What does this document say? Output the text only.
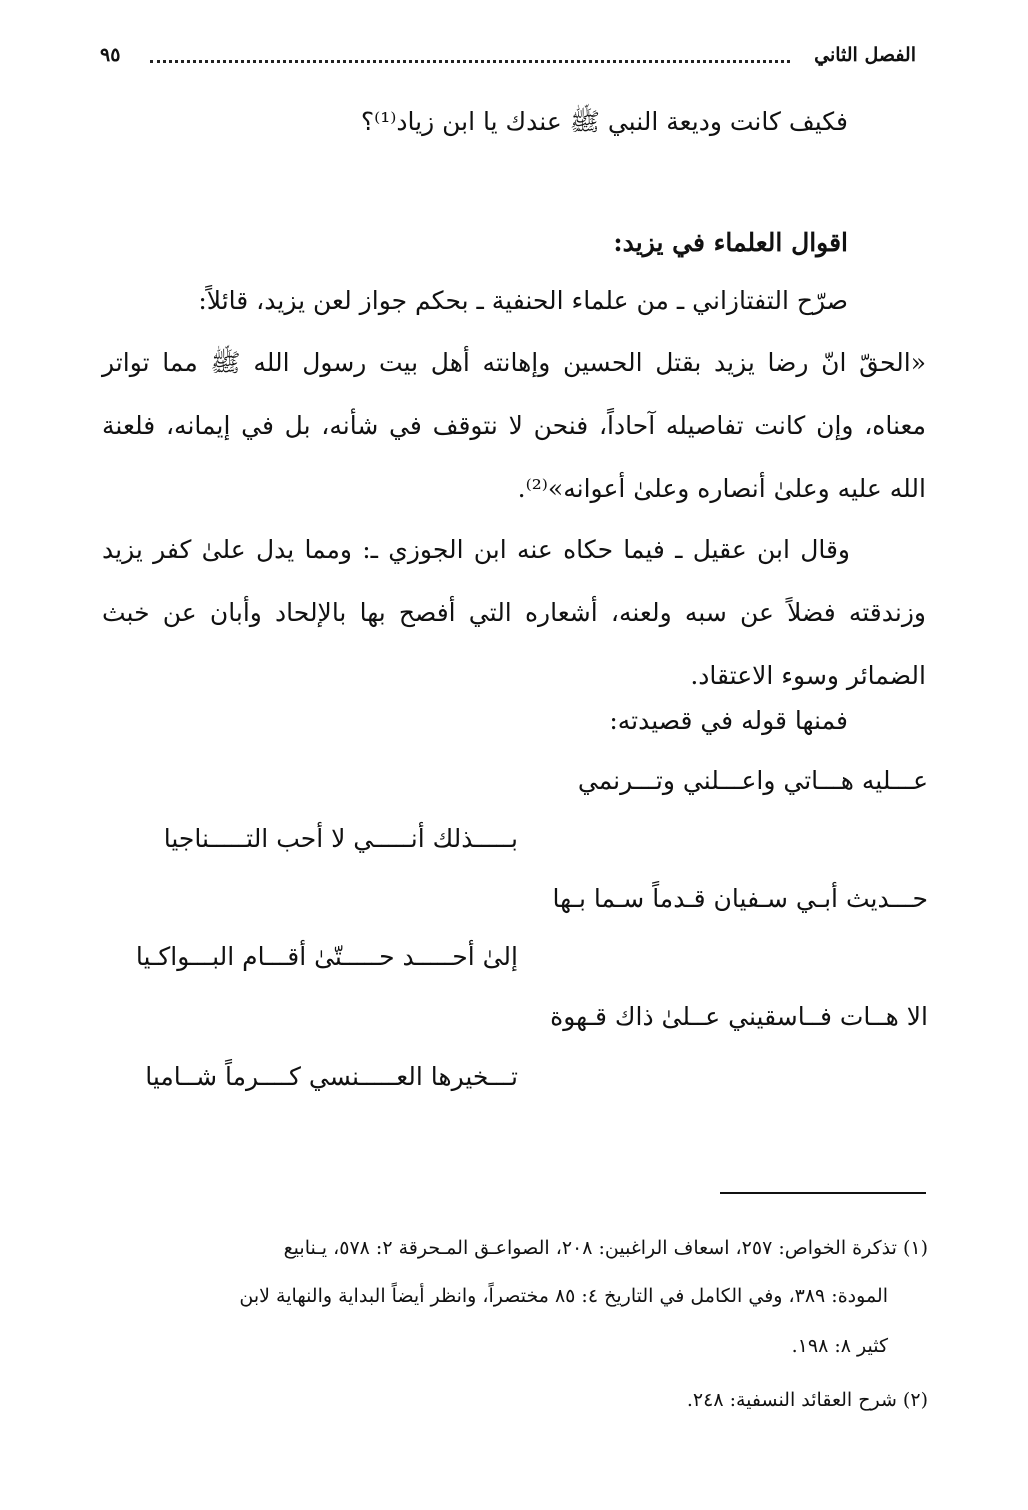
الفصل الثاني
٩٥
فكيف كانت وديعة النبي ﷺ عندك يا ابن زياد⁽¹⁾؟
اقوال العلماء في يزيد:
صرّح التفتازاني ـ من علماء الحنفية ـ بحكم جواز لعن يزيد، قائلاً:

«الحقّ انّ رضا يزيد بقتل الحسين وإهانته أهل بيت رسول الله ﷺ مما تواتر معناه، وإن كانت تفاصيله آحاداً، فنحن لا نتوقف في شأنه، بل في إيمانه، فلعنة الله عليه وعلىٰ أنصاره وعلىٰ أعوانه»⁽²⁾.

وقال ابن عقيل ـ فيما حكاه عنه ابن الجوزي ـ: ومما يدل علىٰ كفر يزيد وزندقته فضلاً عن سبه ولعنه، أشعاره التي أفصح بها بالإلحاد وأبان عن خبث الضمائر وسوء الاعتقاد.

فمنها قوله في قصيدته:
عـــليه هـــاتي واعـــلني وتـــرنمي
بـــــذلك أنـــــي لا أحب التـــــناجيا
حـــديث أبـي سـفيان قـدماً سـما بـها
إلىٰ أحـــــد حـــــتّىٰ أقـــام البـــواكـيا
الا هــات فــاسقيني عــلىٰ ذاك قـهوة
تـــخيرها العـــــنسي كــــرماً شــاميا

(١) تذكرة الخواص: ٢٥٧، اسعاف الراغبين: ٢٠٨، الصواعـق المـحرقة ٢: ٥٧٨، يـنابيع

المودة: ٣٨٩، وفي الكامل في التاريخ ٤: ٨٥ مختصراً، وانظر أيضاً البداية والنهاية لابن

كثير ٨: ١٩٨.

(٢) شرح العقائد النسفية: ٢٤٨.
